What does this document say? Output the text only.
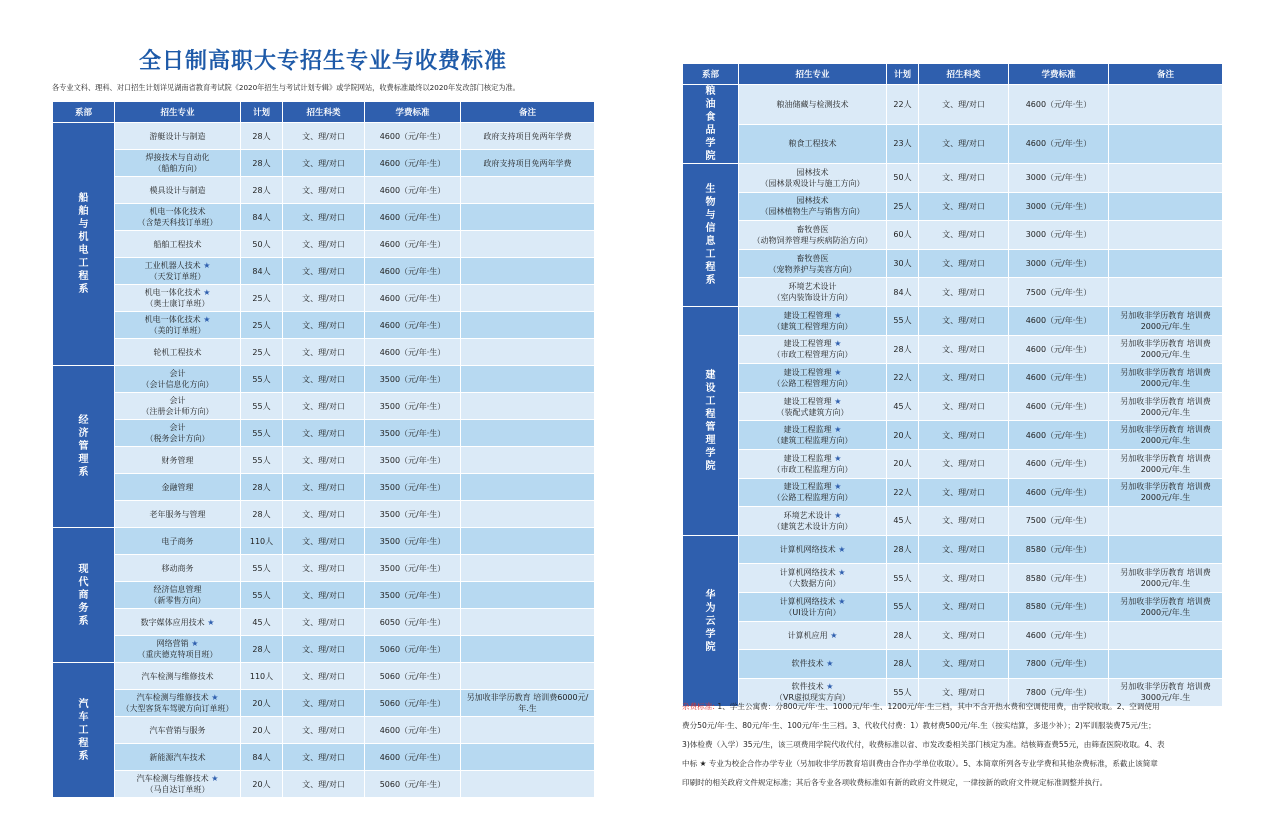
全日制高职大专招生专业与收费标准
各专业文科、理科、对口招生计划详见湖南省教育考试院《2020年招生与考试计划专辑》或学院网站，收费标准最终以2020年发改部门核定为准。
系部	招生专业	计划	招生科类	学费标准	备注
船舶与机电工程系	游艇设计与制造	28人	文、理/对口	4600（元/年·生）	政府支持项目免两年学费

	焊接技术与自动化
（船舶方向）	28人	文、理/对口	4600（元/年·生）	政府支持项目免两年学费

	模具设计与制造	28人	文、理/对口	4600（元/年·生）	

	机电一体化技术
（含楚天科技订单班）	84人	文、理/对口	4600（元/年·生）	

	船舶工程技术	50人	文、理/对口	4600（元/年·生）	

	工业机器人技术 ★
（天发订单班）	84人	文、理/对口	4600（元/年·生）	

	机电一体化技术 ★
（奥士康订单班）	25人	文、理/对口	4600（元/年·生）	

	机电一体化技术 ★
（美的订单班）	25人	文、理/对口	4600（元/年·生）	

	轮机工程技术	25人	文、理/对口	4600（元/年·生）	
经济管理系	会计
（会计信息化方向）	55人	文、理/对口	3500（元/年·生）	

	会计
（注册会计师方向）	55人	文、理/对口	3500（元/年·生）	

	会计
（税务会计方向）	55人	文、理/对口	3500（元/年·生）	

	财务管理	55人	文、理/对口	3500（元/年·生）	

	金融管理	28人	文、理/对口	3500（元/年·生）	

	老年服务与管理	28人	文、理/对口	3500（元/年·生）	
现代商务系	电子商务	110人	文、理/对口	3500（元/年·生）	

	移动商务	55人	文、理/对口	3500（元/年·生）	

	经济信息管理
（新零售方向）	55人	文、理/对口	3500（元/年·生）	

	数字媒体应用技术 ★	45人	文、理/对口	6050（元/年·生）	

	网络营销 ★
（重庆德克特项目班）	28人	文、理/对口	5060（元/年·生）	
汽车工程系	汽车检测与维修技术	110人	文、理/对口	5060（元/年·生）	

	汽车检测与维修技术 ★
（大型客货车驾驶方向订单班）	20人	文、理/对口	5060（元/年·生）	另加收非学历教育 培训费6000元/年.生

	汽车营销与服务	20人	文、理/对口	4600（元/年·生）	

	新能源汽车技术	84人	文、理/对口	4600（元/年·生）	

	汽车检测与维修技术 ★
（马自达订单班）	20人	文、理/对口	5060（元/年·生）	
系部	招生专业	计划	招生科类	学费标准	备注
粮油食品学院	粮油储藏与检测技术	22人	文、理/对口	4600（元/年·生）	

	粮食工程技术	23人	文、理/对口	4600（元/年·生）	
生物与信息工程系	园林技术
（园林景观设计与施工方向）	50人	文、理/对口	3000（元/年·生）	

	园林技术
（园林植物生产与销售方向）	25人	文、理/对口	3000（元/年·生）	

	畜牧兽医
（动物饲养管理与疾病防治方向）	60人	文、理/对口	3000（元/年·生）	

	畜牧兽医
（宠物养护与美容方向）	30人	文、理/对口	3000（元/年·生）	

	环境艺术设计
（室内装饰设计方向）	84人	文、理/对口	7500（元/年·生）	
建设工程管理学院	建设工程管理 ★
（建筑工程管理方向）	55人	文、理/对口	4600（元/年·生）	另加收非学历教育 培训费2000元/年.生

	建设工程管理 ★
（市政工程管理方向）	28人	文、理/对口	4600（元/年·生）	另加收非学历教育 培训费2000元/年.生

	建设工程管理 ★
（公路工程管理方向）	22人	文、理/对口	4600（元/年·生）	另加收非学历教育 培训费2000元/年.生

	建设工程管理 ★
（装配式建筑方向）	45人	文、理/对口	4600（元/年·生）	另加收非学历教育 培训费2000元/年.生

	建设工程监理 ★
（建筑工程监理方向）	20人	文、理/对口	4600（元/年·生）	另加收非学历教育 培训费2000元/年.生

	建设工程监理 ★
（市政工程监理方向）	20人	文、理/对口	4600（元/年·生）	另加收非学历教育 培训费2000元/年.生

	建设工程监理 ★
（公路工程监理方向）	22人	文、理/对口	4600（元/年·生）	另加收非学历教育 培训费2000元/年.生

	环境艺术设计 ★
（建筑艺术设计方向）	45人	文、理/对口	7500（元/年·生）	
华为云学院	计算机网络技术 ★	28人	文、理/对口	8580（元/年·生）	

	计算机网络技术 ★
（大数据方向）	55人	文、理/对口	8580（元/年·生）	另加收非学历教育 培训费2000元/年.生

	计算机网络技术 ★
（UI设计方向）	55人	文、理/对口	8580（元/年·生）	另加收非学历教育 培训费2000元/年.生

	计算机应用 ★	28人	文、理/对口	4600（元/年·生）	

	软件技术 ★	28人	文、理/对口	7800（元/年·生）	

	软件技术 ★
（VR虚拟现实方向）	55人	文、理/对口	7800（元/年·生）	另加收非学历教育 培训费3000元/年.生
杂费标准: 1、学生公寓费：分800元/年·生、1000元/年·生、1200元/年·生三档，其中不含开热水费和空调使用费，由学院收取。2、空调使用
费分50元/年·生、80元/年·生、100元/年·生三档。3、代收代付费：1）教材费500元/年.生（按实结算，多退少补）；2)军训服装费75元/生；
3)体检费（入学）35元/生，该三项费用学院代收代付，收费标准以省、市发改委相关部门核定为准。结核筛查费55元，由筛查医院收取。4、表
中标 ★ 专业为校企合作办学专业（另加收非学历教育培训费由合作办学单位收取）。5、本简章所列各专业学费和其他杂费标准，系截止该简章
印刷时的相关政府文件规定标准；其后各专业各项收费标准如有新的政府文件规定，一律按新的政府文件规定标准调整并执行。
